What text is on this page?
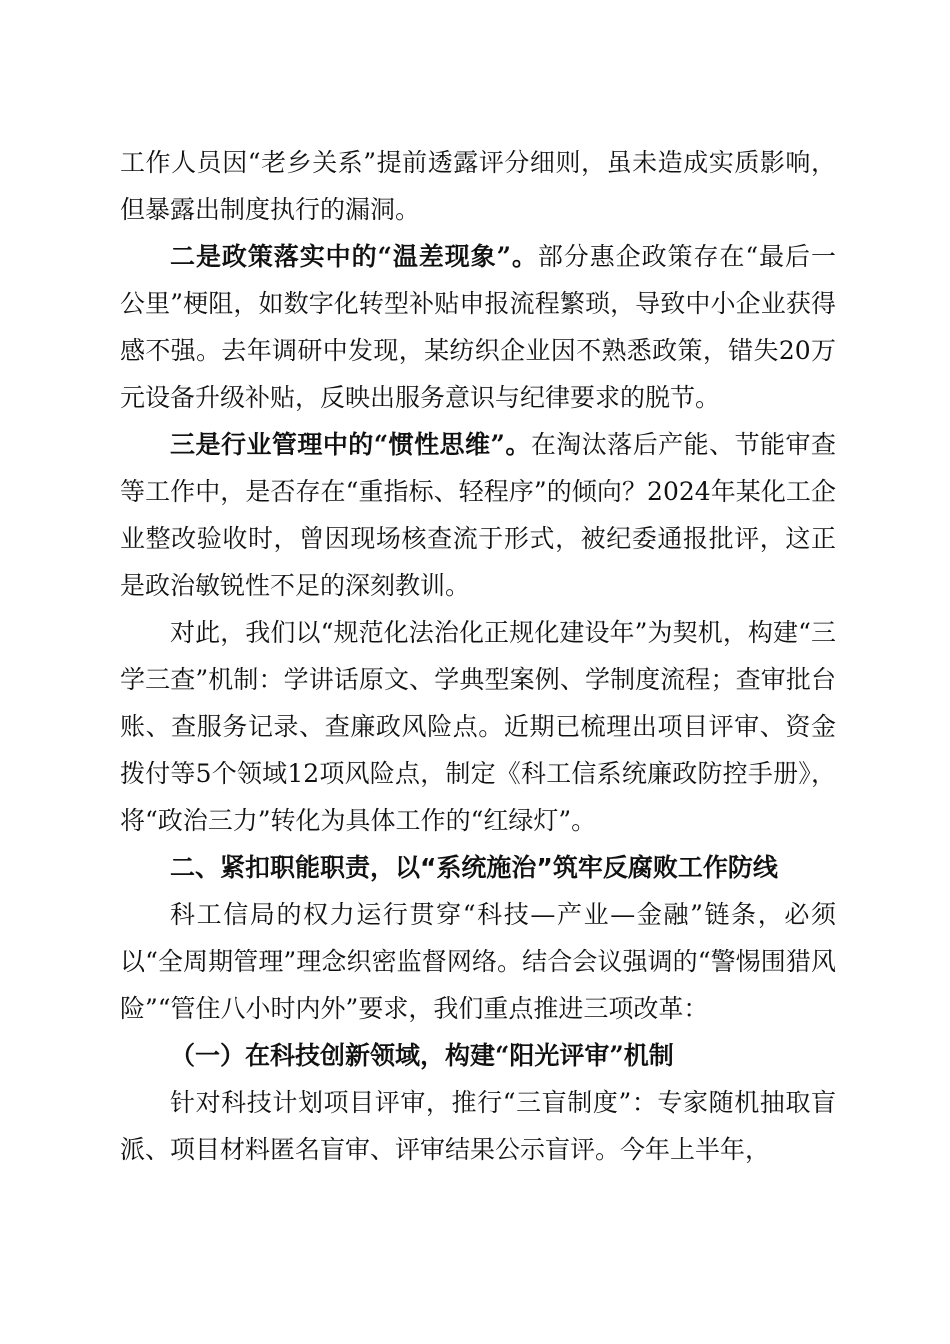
工作人员因“老乡关系”提前透露评分细则，虽未造成实质影响，但暴露出制度执行的漏洞。

二是政策落实中的“温差现象”。部分惠企政策存在“最后一公里”梗阻，如数字化转型补贴申报流程繁琐，导致中小企业获得感不强。去年调研中发现，某纺织企业因不熟悉政策，错失20万元设备升级补贴，反映出服务意识与纪律要求的脱节。

三是行业管理中的“惯性思维”。在淘汰落后产能、节能审查等工作中，是否存在“重指标、轻程序”的倾向？2024年某化工企业整改验收时，曾因现场核查流于形式，被纪委通报批评，这正是政治敏锐性不足的深刻教训。

对此，我们以“规范化法治化正规化建设年”为契机，构建“三学三查”机制：学讲话原文、学典型案例、学制度流程；查审批台账、查服务记录、查廉政风险点。近期已梳理出项目评审、资金拨付等5个领域12项风险点，制定《科工信系统廉政防控手册》，将“政治三力”转化为具体工作的“红绿灯”。

二、紧扣职能职责，以“系统施治”筑牢反腐败工作防线

科工信局的权力运行贯穿“科技—产业—金融”链条，必须以“全周期管理”理念织密监督网络。结合会议强调的“警惕围猎风险”“管住八小时内外”要求，我们重点推进三项改革：

（一）在科技创新领域，构建“阳光评审”机制

针对科技计划项目评审，推行“三盲制度”：专家随机抽取盲派、项目材料匿名盲审、评审结果公示盲评。今年上半年，
